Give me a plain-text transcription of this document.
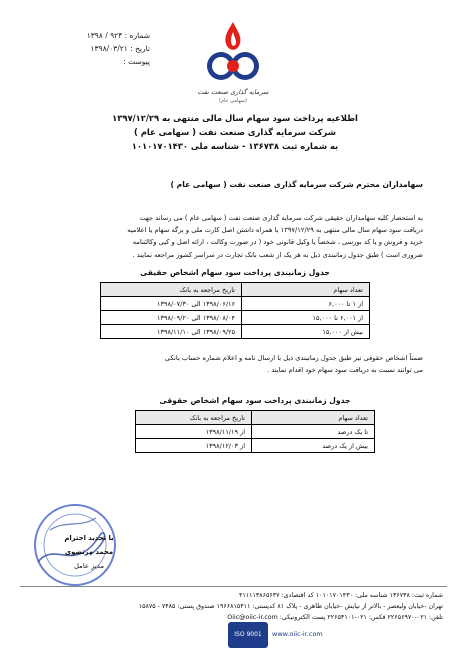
شماره : ۹۲۴ / ۱۳۹۸
تاریخ : ۱۳۹۸/۰۳/۲۱
پیوست :
سرمایه گذاری صنعت نفت
(سهامی عام)
اطلاعیه پرداخت سود سهام سال مالی منتهی به ۱۳۹۷/۱۲/۲۹
شرکت سرمایه گذاری صنعت نفت ( سهامی عام )
به شماره ثبت ۱۳۶۷۳۸ - شناسه ملی ۱۰۱۰۱۷۰۱۴۳۰
سهامداران محترم شرکت سرمایه گذاری صنعت نفت ( سهامی عام )
به استحضار کلیه سهامداران حقیقی شرکت سرمایه گذاری صنعت نفت ( سهامی عام ) می رساند جهت
دریافت سود سهام سال مالی منتهی به ۱۳۹۷/۱۲/۲۹ با همراه داشتن اصل کارت ملی و برگه سهام یا اعلامیه
خرید و فروش و یا کد بورسی ، شخصاً یا وکیل قانونی خود ( در صورت وکالت ، ارائه اصل و کپی وکالتنامه
ضروری است ) طبق جدول زمانبندی ذیل به هر یک از شعب بانک تجارت در سراسر کشور مراجعه نمایند .
جدول زمانبندی پرداخت سود سهام اشخاص حقیقی
تعداد سهام	تاریخ مراجعه به بانک
از ۱ تا ۶,۰۰۰	۱۳۹۸/۰۶/۱۶ الی ۱۳۹۸/۰۷/۳۰
از ۶,۰۰۱ تا ۱۵,۰۰۰	۱۳۹۸/۰۸/۰۴ الی ۱۳۹۸/۰۹/۲۰
بیش از ۱۵,۰۰۰	۱۳۹۸/۰۹/۲۵ الی ۱۳۹۸/۱۱/۱۰
ضمناً اشخاص حقوقی نیز طبق جدول زمانبندی ذیل با ارسال نامه و اعلام شماره حساب بانکی
می توانند نسبت به دریافت سود سهام خود اقدام نمایند .
جدول زمانبندی پرداخت سود سهام اشخاص حقوقی
تعداد سهام	تاریخ مراجعه به بانک
تا یک درصد	از ۱۳۹۸/۱۱/۱۹
بیش از یک درصد	از ۱۳۹۸/۱۲/۰۳
با تجدید احترام
محمد مرتضوی
مدیر عامل
شماره ثبت: ۱۳۶۷۳۸ شناسه ملی: ۱۰۱۰۱۷۰۱۴۳۰ کد اقتصادی: ۴۱۱۱۱۳۸۶۵۶۳۷
تهران -خیابان ولیعصر - بالاتر از نیایش -خیابان طاهری - پلاک ۸۱ کدپستی: ۱۹۶۶۸۱۵۴۱۱ صندوق پستی: ۷۴۸۵ - ۱۵۸۷۵
تلفن: ۰۲۱-۲۲۶۵۶۹۷۰ فکس: ۰۲۱-۲۲۶۵۳۱۰۱ پست الکترونیکی: Oiic@oiic-ir.com
ISO 9001	www.oiic-ir.com
